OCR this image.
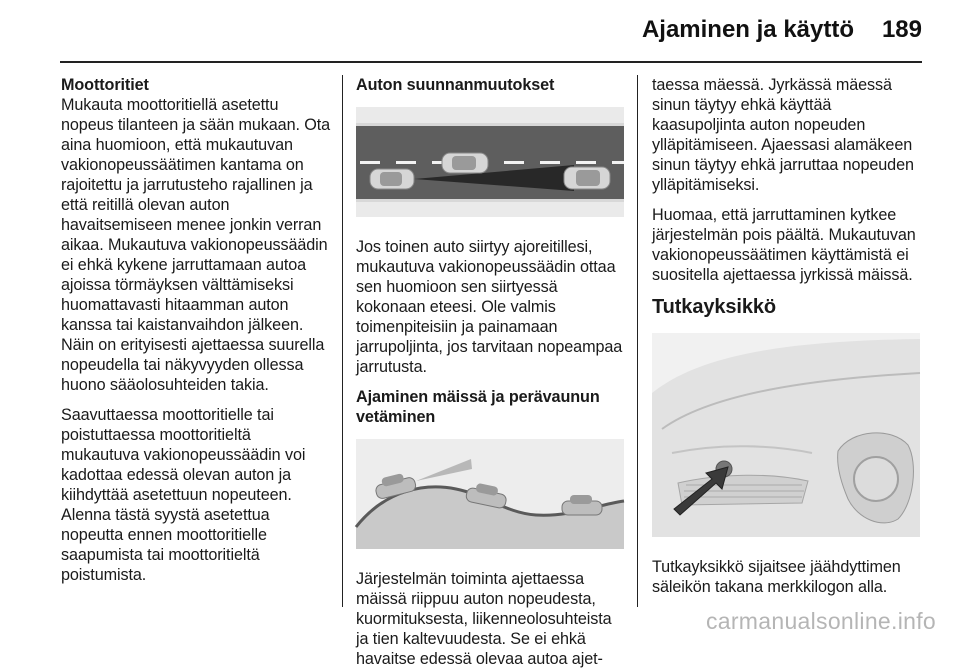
Ajaminen ja käyttö 189
Moottoritiet

Mukauta moottoritiellä asetettu nopeus tilanteen ja sään mukaan. Ota aina huomioon, että mukautuvan vakionopeussäätimen kantama on rajoitettu ja jarrutusteho rajallinen ja että reitillä olevan auton havaitsemiseen menee jonkin verran aikaa. Mukautuva vakionopeussäädin ei ehkä kykene jarruttamaan autoa ajoissa törmäyksen välttämiseksi huomattavasti hitaamman auton kanssa tai kaistanvaihdon jälkeen. Näin on erityisesti ajettaessa suurella nopeudella tai näkyvyyden ollessa huono sääolosuhteiden takia.

Saavuttaessa moottoritielle tai poistuttaessa moottoritieltä mukautuva vakionopeussäädin voi kadottaa edessä olevan auton ja kiihdyttää asetettuun nopeuteen. Alenna tästä syystä asetettua nopeutta ennen moottoritielle saapumista tai moottoritieltä poistumista.

Auton suunnanmuutokset

Jos toinen auto siirtyy ajoreitillesi, mukautuva vakionopeussäädin ottaa sen huomioon sen siirtyessä kokonaan eteesi. Ole valmis toimenpiteisiin ja painamaan jarrupoljinta, jos tarvitaan nopeampaa jarrutusta.

Ajaminen mäissä ja perävaunun vetäminen

Järjestelmän toiminta ajettaessa mäissä riippuu auton nopeudesta, kuormituksesta, liikenneolosuhteista ja tien kaltevuudesta. Se ei ehkä havaitse edessä olevaa autoa ajet-

taessa mäessä. Jyrkässä mäessä sinun täytyy ehkä käyttää kaasupoljinta auton nopeuden ylläpitämiseen. Ajaessasi alamäkeen sinun täytyy ehkä jarruttaa nopeuden ylläpitämiseksi.

Huomaa, että jarruttaminen kytkee järjestelmän pois päältä. Mukautuvan vakionopeussäätimen käyttämistä ei suositella ajettaessa jyrkissä mäissä.

Tutkayksikkö

Tutkayksikkö sijaitsee jäähdyttimen säleikön takana merkkilogon alla.

carmanualsonline.info
